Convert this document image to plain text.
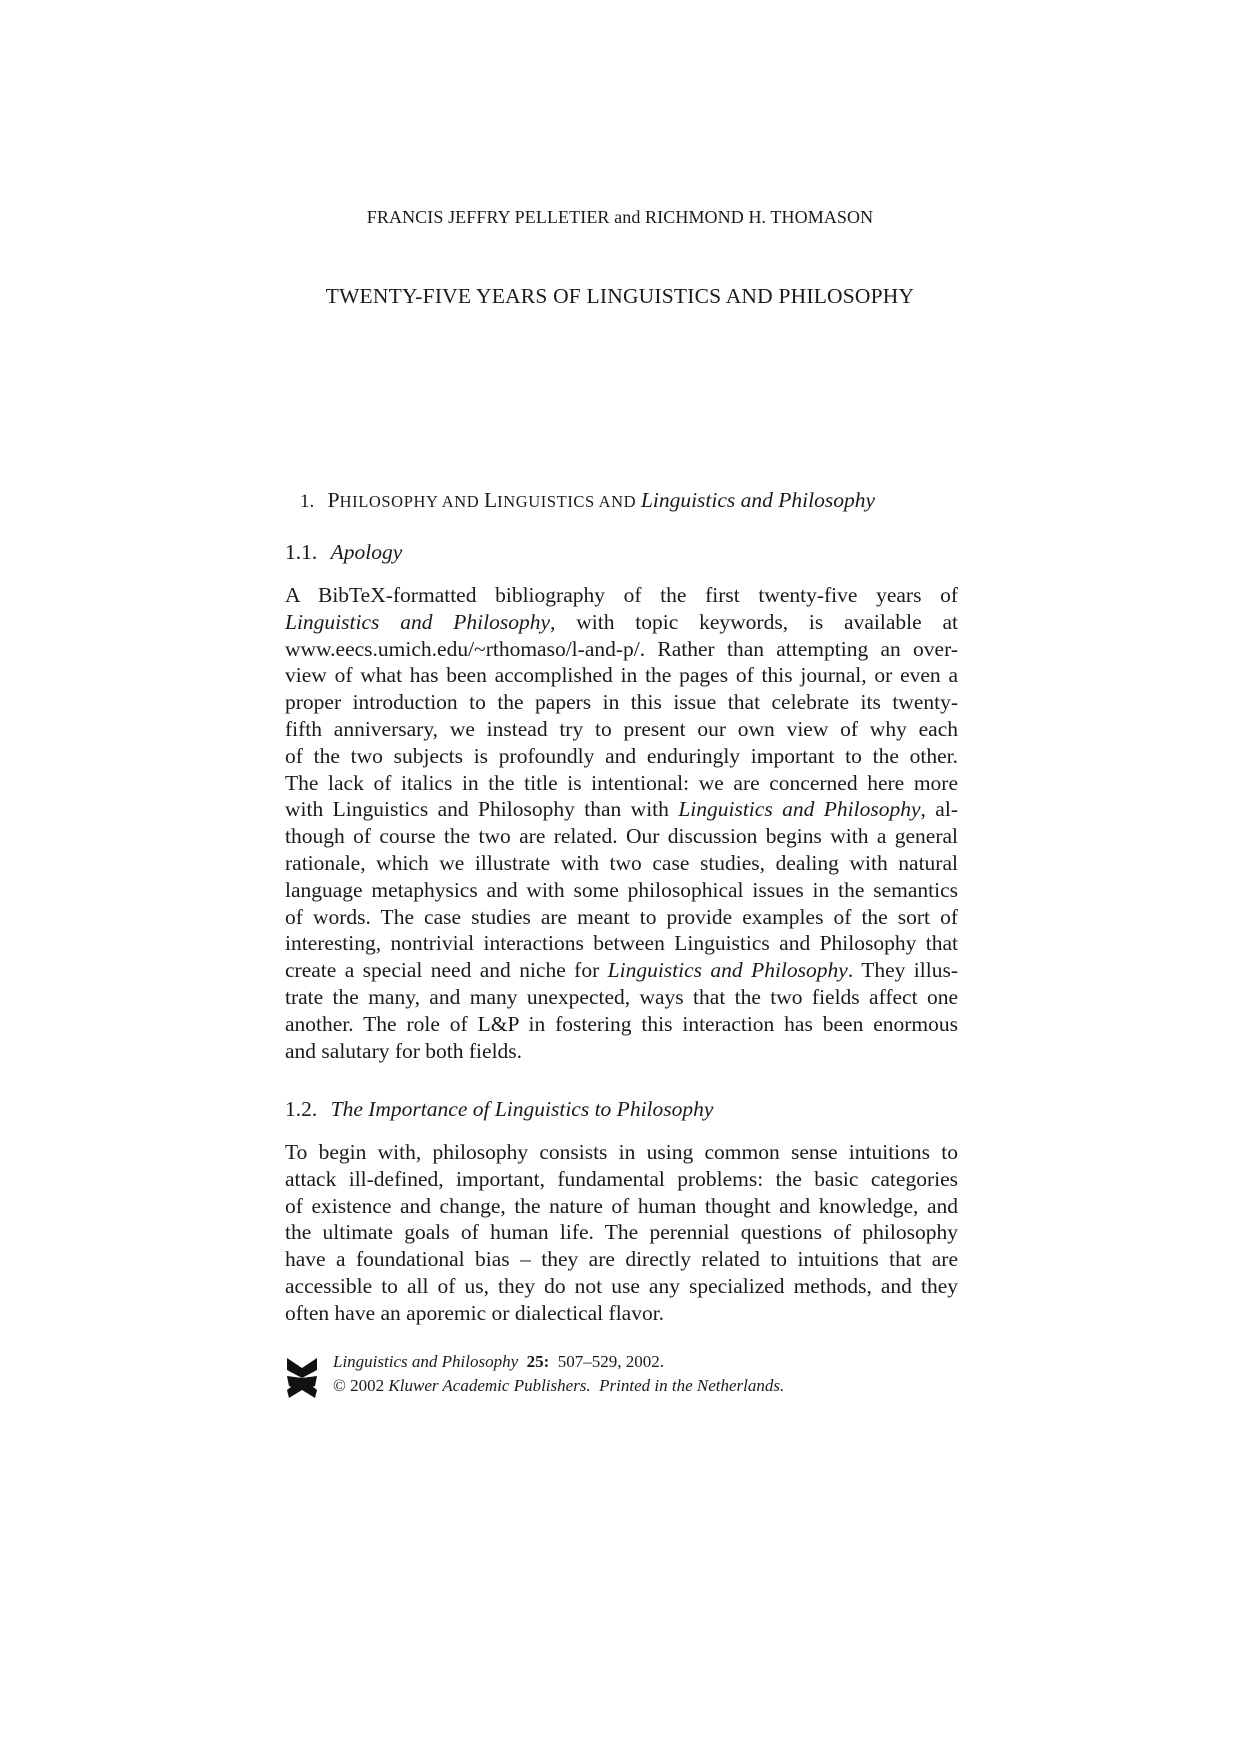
FRANCIS JEFFRY PELLETIER and RICHMOND H. THOMASON
TWENTY-FIVE YEARS OF LINGUISTICS AND PHILOSOPHY
1. PHILOSOPHY AND LINGUISTICS AND Linguistics and Philosophy
1.1. Apology
A BibTeX-formatted bibliography of the first twenty-five years of
Linguistics and Philosophy, with topic keywords, is available at
www.eecs.umich.edu/~rthomaso/l-and-p/. Rather than attempting an over-
view of what has been accomplished in the pages of this journal, or even a
proper introduction to the papers in this issue that celebrate its twenty-
fifth anniversary, we instead try to present our own view of why each
of the two subjects is profoundly and enduringly important to the other.
The lack of italics in the title is intentional: we are concerned here more
with Linguistics and Philosophy than with Linguistics and Philosophy, al-
though of course the two are related. Our discussion begins with a general
rationale, which we illustrate with two case studies, dealing with natural
language metaphysics and with some philosophical issues in the semantics
of words. The case studies are meant to provide examples of the sort of
interesting, nontrivial interactions between Linguistics and Philosophy that
create a special need and niche for Linguistics and Philosophy. They illus-
trate the many, and many unexpected, ways that the two fields affect one
another. The role of L&P in fostering this interaction has been enormous
and salutary for both fields.
1.2. The Importance of Linguistics to Philosophy
To begin with, philosophy consists in using common sense intuitions to
attack ill-defined, important, fundamental problems: the basic categories
of existence and change, the nature of human thought and knowledge, and
the ultimate goals of human life. The perennial questions of philosophy
have a foundational bias – they are directly related to intuitions that are
accessible to all of us, they do not use any specialized methods, and they
often have an aporemic or dialectical flavor.
Linguistics and Philosophy 25: 507–529, 2002.
© 2002 Kluwer Academic Publishers. Printed in the Netherlands.
